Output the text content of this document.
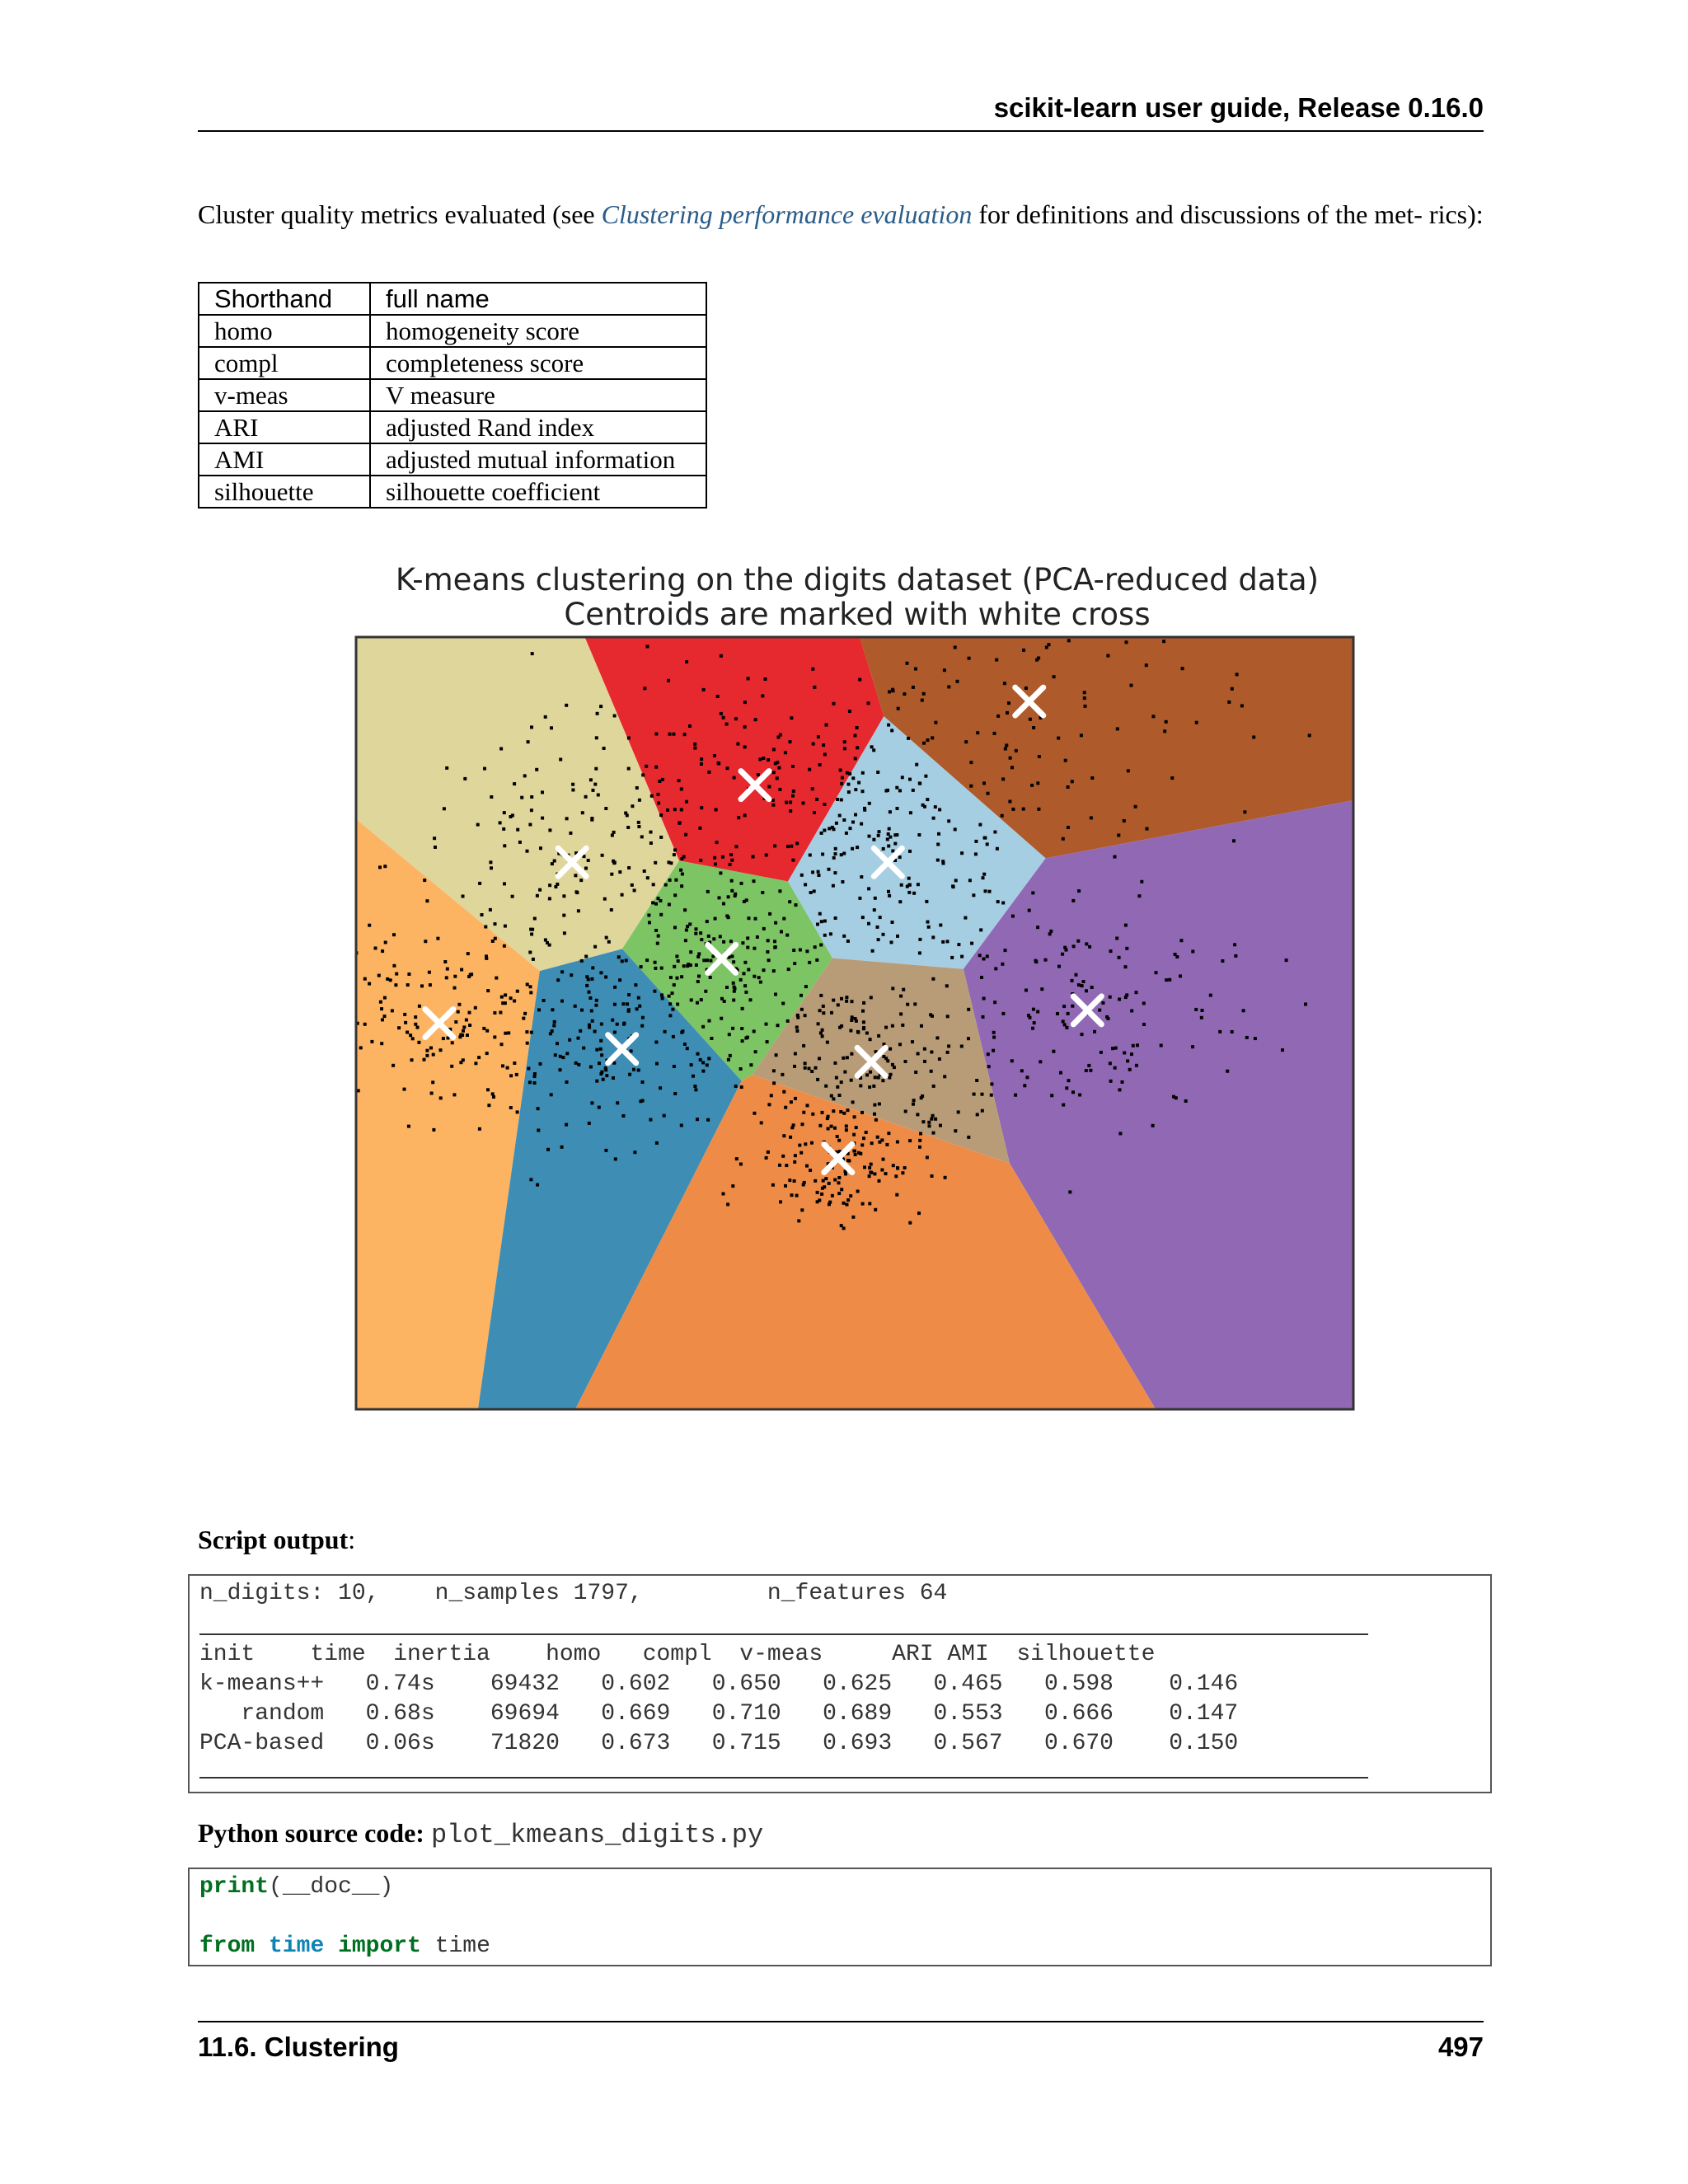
scikit-learn user guide, Release 0.16.0

Cluster quality metrics evaluated (see Clustering performance evaluation for definitions and discussions of the met- rics):

Shorthand	full name
homo	homogeneity score
compl	completeness score
v-meas	V measure
ARI	adjusted Rand index
AMI	adjusted mutual information
silhouette	silhouette coefficient
K-means clustering on the digits dataset (PCA-reduced data)
Centroids are marked with white cross
Script output:
n_digits: 10,    n_samples 1797,         n_features 64
init    time  inertia    homo   compl  v-meas     ARI AMI  silhouette
k-means++   0.74s    69432   0.602   0.650   0.625   0.465   0.598    0.146
random   0.68s    69694   0.669   0.710   0.689   0.553   0.666    0.147
PCA-based   0.06s    71820   0.673   0.715   0.693   0.567   0.670    0.150
Python source code: plot_kmeans_digits.py
print(__doc__)
from time import time
11.6. Clustering	497
